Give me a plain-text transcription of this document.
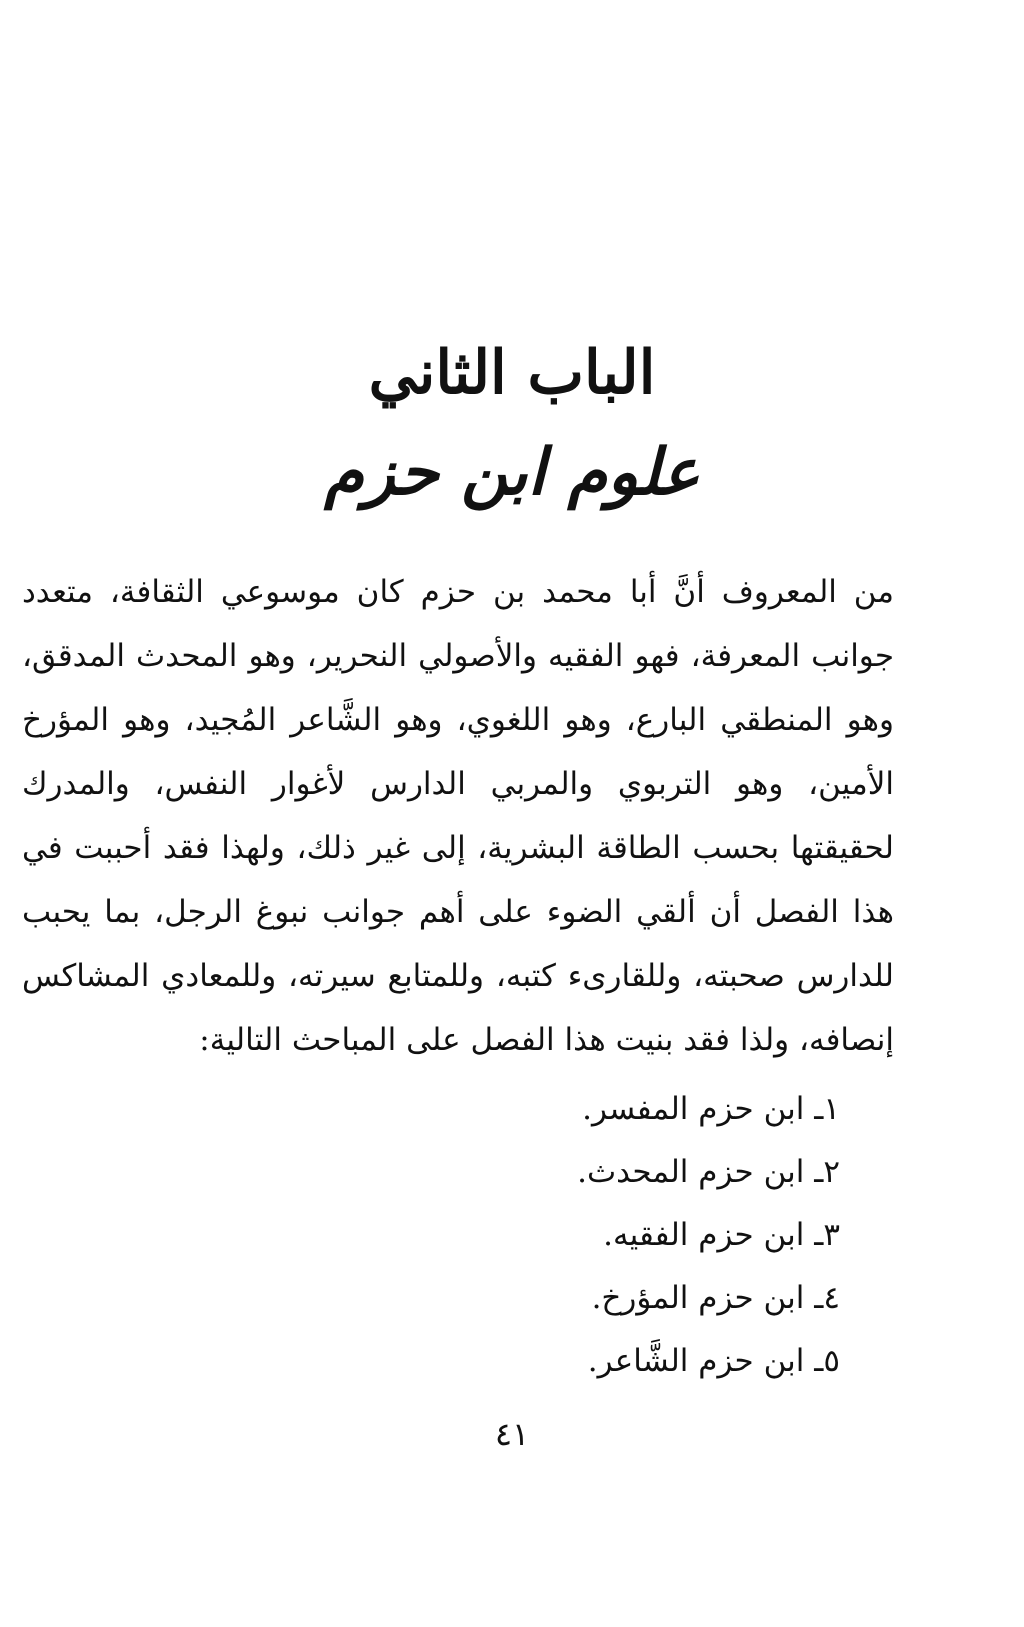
الباب الثاني
علوم ابن حزم

من المعروف أنَّ أبا محمد بن حزم كان موسوعي الثقافة، متعدد جوانب المعرفة، فهو الفقيه والأصولي النحرير، وهو المحدث المدقق، وهو المنطقي البارع، وهو اللغوي، وهو الشَّاعر المُجيد، وهو المؤرخ الأمين، وهو التربوي والمربي الدارس لأغوار النفس، والمدرك لحقيقتها بحسب الطاقة البشرية، إلى غير ذلك، ولهذا فقد أحببت في هذا الفصل أن ألقي الضوء على أهم جوانب نبوغ الرجل، بما يحبب للدارس صحبته، وللقارىء كتبه، وللمتابع سيرته، وللمعادي المشاكس إنصافه، ولذا فقد بنيت هذا الفصل على المباحث التالية:

١ـ ابن حزم المفسر.
٢ـ ابن حزم المحدث.
٣ـ ابن حزم الفقيه.
٤ـ ابن حزم المؤرخ.
٥ـ ابن حزم الشَّاعر.
٤١
